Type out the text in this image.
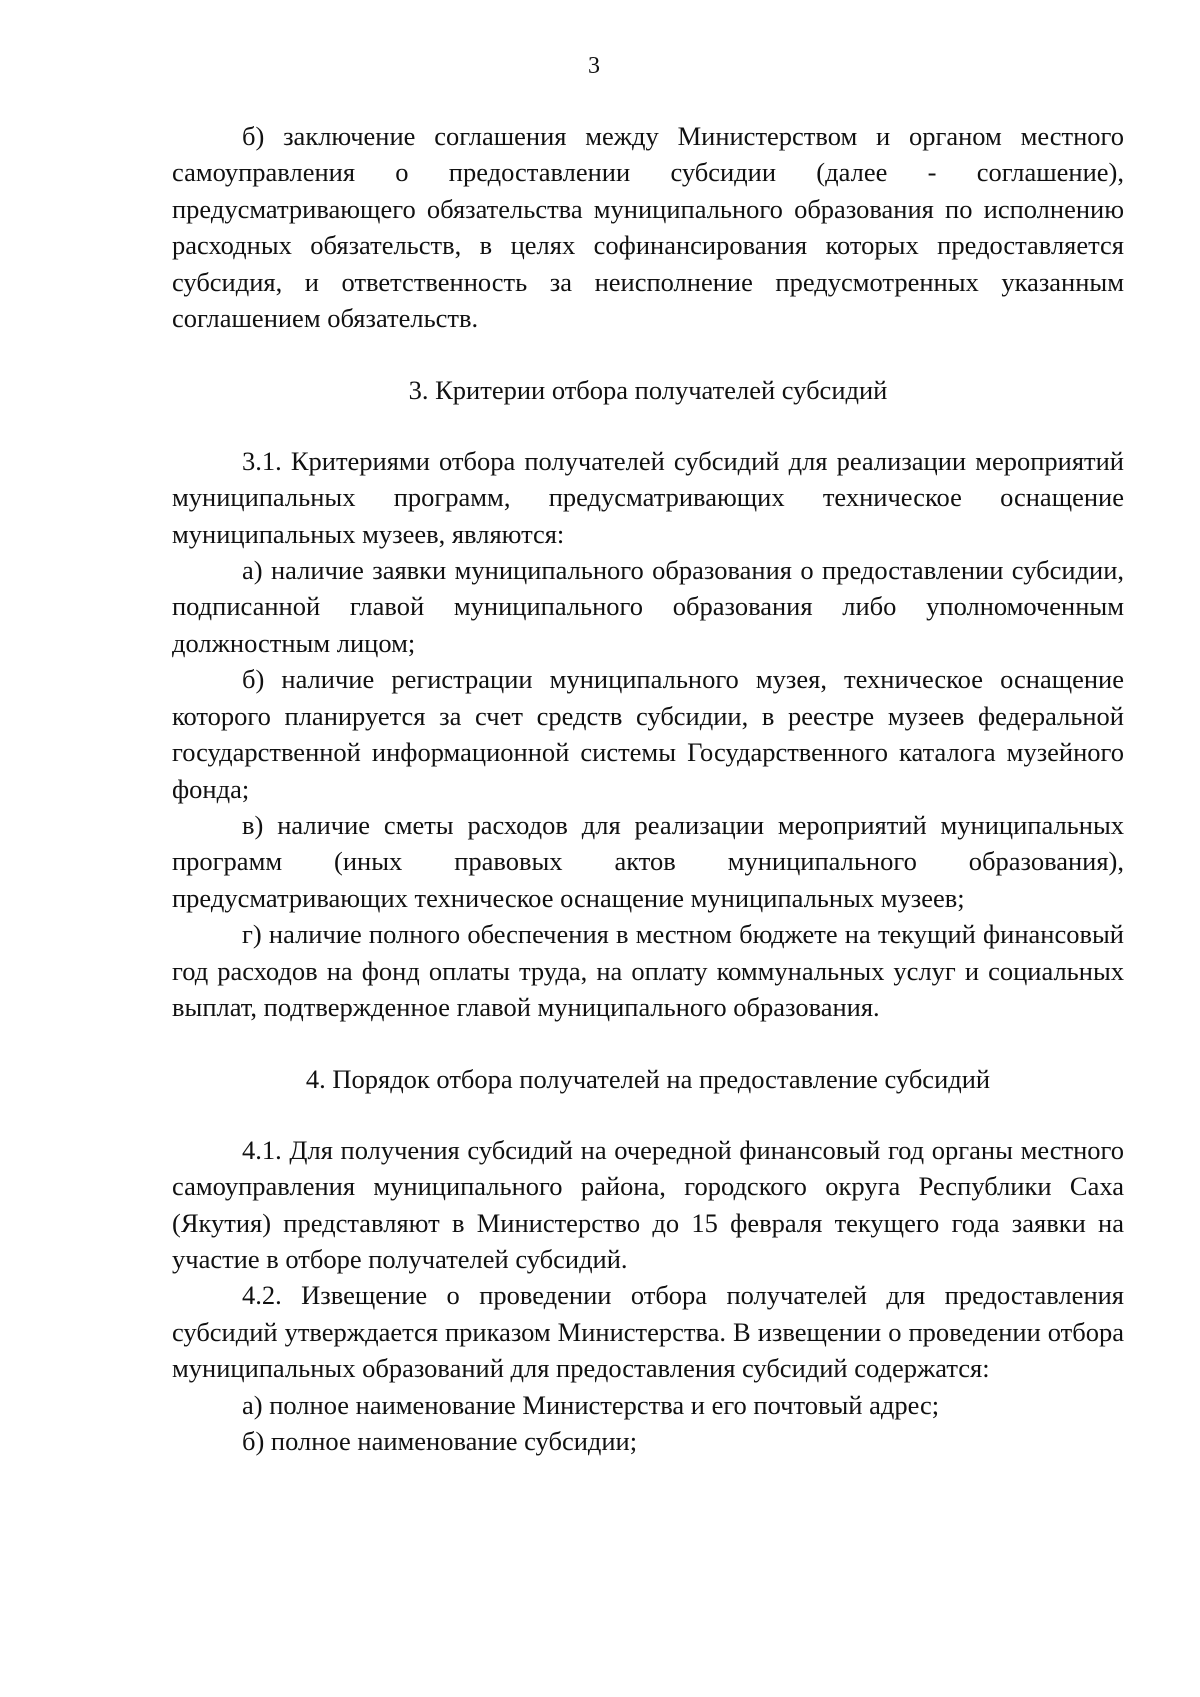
3

б) заключение соглашения между Министерством и органом местного самоуправления о предоставлении субсидии (далее - соглашение), предусматривающего обязательства муниципального образования по исполнению расходных обязательств, в целях софинансирования которых предоставляется субсидия, и ответственность за неисполнение предусмотренных указанным соглашением обязательств.

3. Критерии отбора получателей субсидий

3.1. Критериями отбора получателей субсидий для реализации мероприятий муниципальных программ, предусматривающих техническое оснащение муниципальных музеев, являются:

а) наличие заявки муниципального образования о предоставлении субсидии, подписанной главой муниципального образования либо уполномоченным должностным лицом;

б) наличие регистрации муниципального музея, техническое оснащение которого планируется за счет средств субсидии, в реестре музеев федеральной государственной информационной системы Государственного каталога музейного фонда;

в) наличие сметы расходов для реализации мероприятий муниципальных программ (иных правовых актов муниципального образования), предусматривающих техническое оснащение муниципальных музеев;

г) наличие полного обеспечения в местном бюджете на текущий финансовый год расходов на фонд оплаты труда, на оплату коммунальных услуг и социальных выплат, подтвержденное главой муниципального образования.

4. Порядок отбора получателей на предоставление субсидий

4.1. Для получения субсидий на очередной финансовый год органы местного самоуправления муниципального района, городского округа Республики Саха (Якутия) представляют в Министерство до 15 февраля текущего года заявки на участие в отборе получателей субсидий.

4.2. Извещение о проведении отбора получателей для предоставления субсидий утверждается приказом Министерства. В извещении о проведении отбора муниципальных образований для предоставления субсидий содержатся:

а) полное наименование Министерства и его почтовый адрес;

б) полное наименование субсидии;
